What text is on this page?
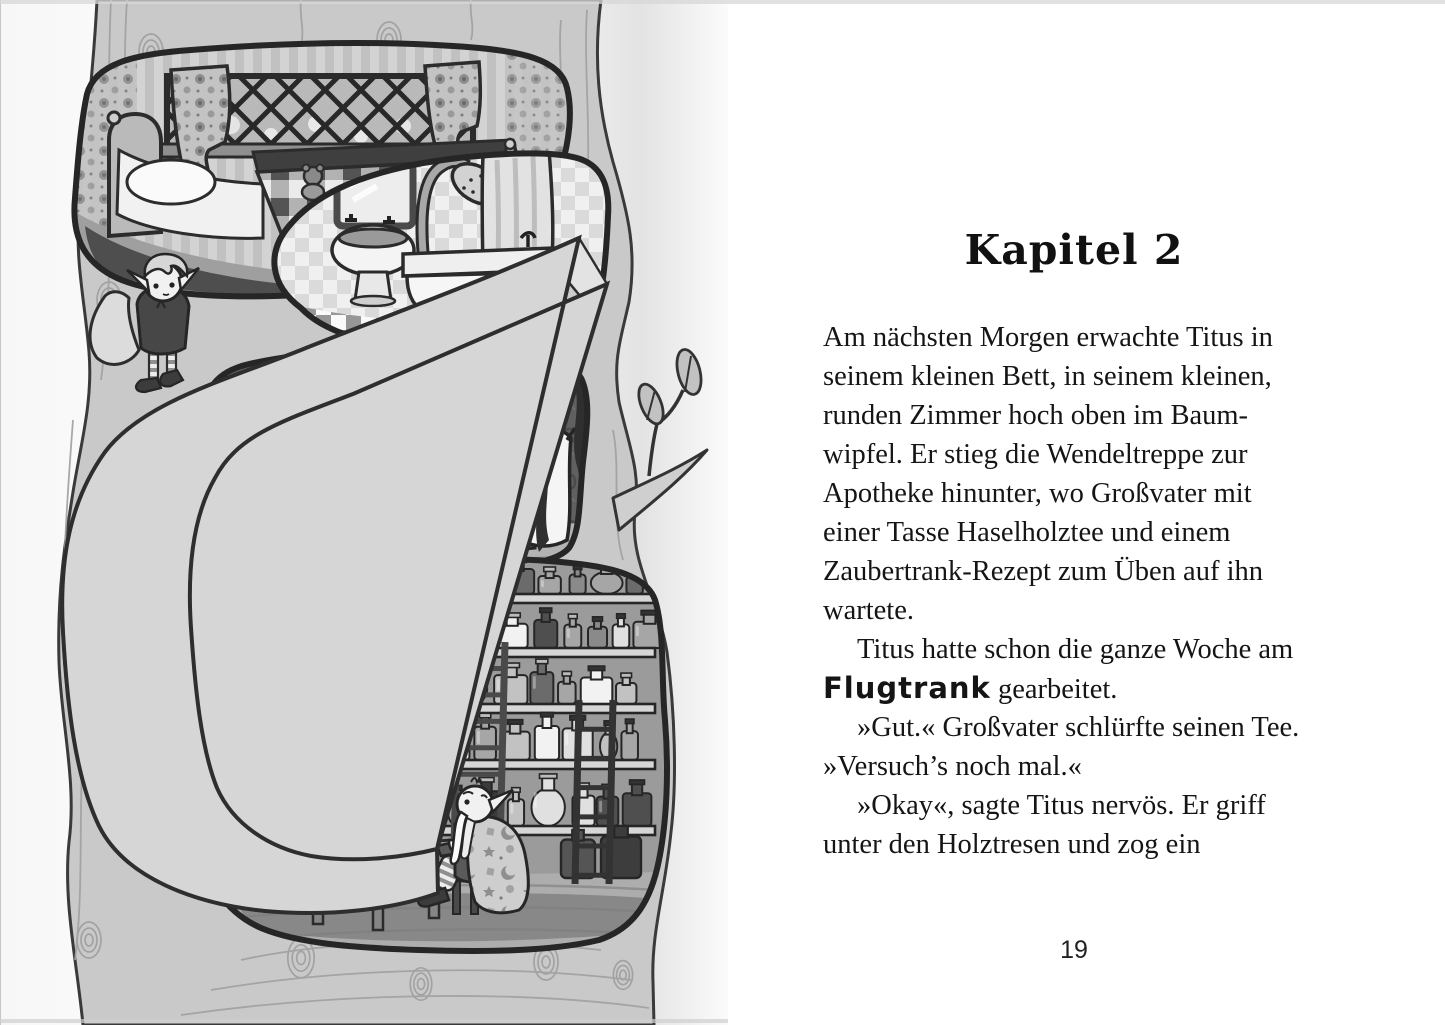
Kapitel 2
Am nächsten Morgen erwachte Titus in
seinem kleinen Bett, in seinem kleinen,
runden Zimmer hoch oben im Baum-
wipfel. Er stieg die Wendeltreppe zur
Apotheke hinunter, wo Großvater mit
einer Tasse Haselholztee und einem
Zaubertrank-Rezept zum Üben auf ihn
wartete.
Titus hatte schon die ganze Woche am
Flugtrank gearbeitet.
»Gut.« Großvater schlürfte seinen Tee.
»Versuch’s noch mal.«
»Okay«, sagte Titus nervös. Er griff
unter den Holztresen und zog ein
19
